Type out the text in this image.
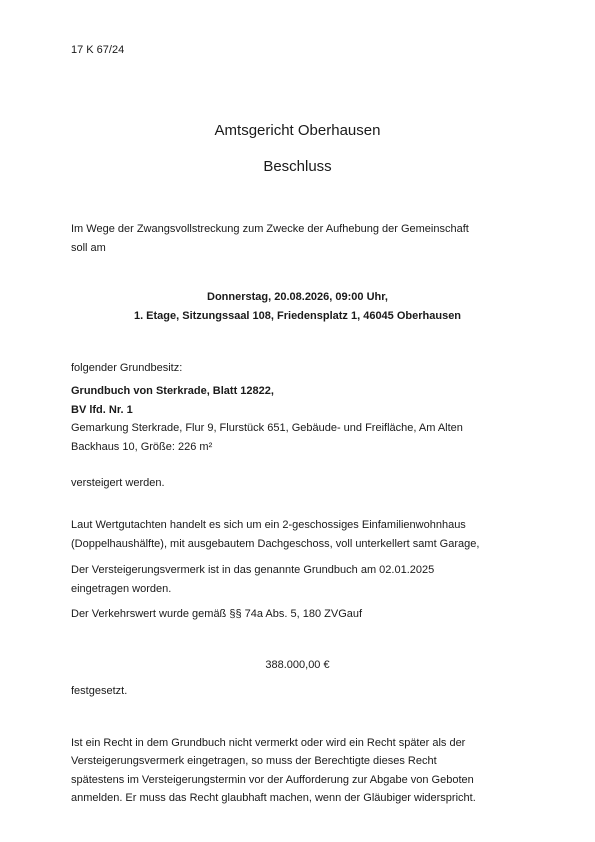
17 K 67/24
Amtsgericht Oberhausen
Beschluss
Im Wege der Zwangsvollstreckung zum Zwecke der Aufhebung der Gemeinschaft
soll am
Donnerstag, 20.08.2026, 09:00 Uhr,
1. Etage, Sitzungssaal 108, Friedensplatz 1, 46045 Oberhausen
folgender Grundbesitz:
Grundbuch von Sterkrade, Blatt 12822,
BV lfd. Nr. 1
Gemarkung Sterkrade, Flur 9, Flurstück 651, Gebäude- und Freifläche, Am Alten
Backhaus 10, Größe: 226 m²
versteigert werden.
Laut Wertgutachten handelt es sich um ein 2-geschossiges Einfamilienwohnhaus
(Doppelhaushälfte), mit ausgebautem Dachgeschoss, voll unterkellert samt Garage,
Der Versteigerungsvermerk ist in das genannte Grundbuch am 02.01.2025
eingetragen worden.
Der Verkehrswert wurde gemäß §§ 74a Abs. 5, 180 ZVGauf
388.000,00 €
festgesetzt.
Ist ein Recht in dem Grundbuch nicht vermerkt oder wird ein Recht später als der
Versteigerungsvermerk eingetragen, so muss der Berechtigte dieses Recht
spätestens im Versteigerungstermin vor der Aufforderung zur Abgabe von Geboten
anmelden. Er muss das Recht glaubhaft machen, wenn der Gläubiger widerspricht.
